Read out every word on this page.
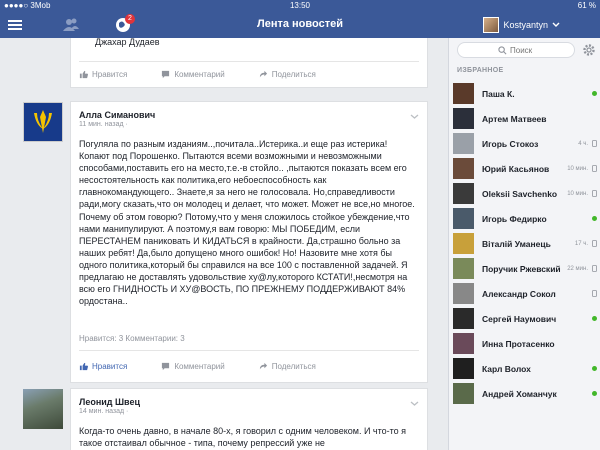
●●●●○ 3Mob	13:50	61 %
2	Лента новостей	Kostyantyn
Джахар Дудаев
Нравится	Комментарий	Поделиться
Алла Симанович
11 мин. назад ·
Погуляла по разным изданиям..,почитала..Истерика..и еще раз истерика! Копают под Порошенко. Пытаются всеми возможными и невозможными способами,поставить его на место,т.е.-в стойло.. ,пытаются показать всем его несостоятельность как политика,его небоеспособность как главнокомандующего.. Знаете,я за него не голосовала. Но,справедливости ради,могу сказать,что он молодец и делает, что может. Может не все,но многое. Почему об этом говорю? Потому,что у меня сложилось стойкое убеждение,что нами манипулируют. А поэтому,я вам говорю: МЫ ПОБЕДИМ, если ПЕРЕСТАНЕМ паниковать И КИДАТЬСЯ в крайности. Да,страшно больно за наших ребят! Да,было допущено много ошибок! Но! Назовите мне хотя бы одного политика,который бы справился на все 100 с поставленной задачей. Я предлагаю не доставлять удовольствие ху@лу,которого КСТАТИ!,несмотря на всю его ГНИДНОСТЬ И ХУ@ВОСТЬ, ПО ПРЕЖНЕМУ ПОДДЕРЖИВАЮТ 84% ордостана..
Нравится: 3 Комментарии: 3
Нравится	Комментарий	Поделиться
Леонид Швец
14 мин. назад ·
Когда-то очень давно, в начале 80-х, я говорил с одним человеком. И что-то я такое отстаивал обычное - типа, почему репрессий уже не
Поиск
ИЗБРАННОЕ
Паша К.
Артем Матвеев
Игорь Стокоз	4 ч.
Юрий Касьянов	10 мин.
Oleksii Savchenko	10 мин.
Игорь Федирко
Віталій Уманець	17 ч.
Поручик Ржевский	22 мин.
Александр Сокол
Сергей Наумович
Инна Протасенко
Карл Волох
Андрей Хоманчук
